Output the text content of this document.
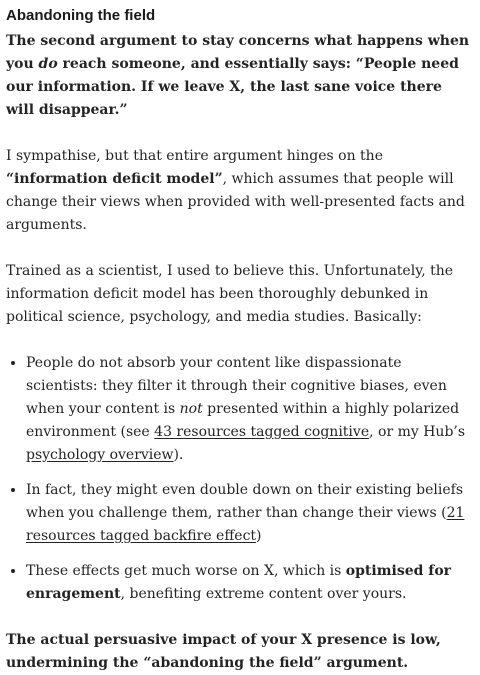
Abandoning the field

The second argument to stay concerns what happens when you do reach someone, and essentially says: “People need our information. If we leave X, the last sane voice there will disappear.”

I sympathise, but that entire argument hinges on the “information deficit model”, which assumes that people will change their views when provided with well-presented facts and arguments.

Trained as a scientist, I used to believe this. Unfortunately, the information deficit model has been thoroughly debunked in political science, psychology, and media studies. Basically:

• People do not absorb your content like dispassionate scientists: they filter it through their cognitive biases, even when your content is not presented within a highly polarized environment (see 43 resources tagged cognitive, or my Hub’s psychology overview).
• In fact, they might even double down on their existing beliefs when you challenge them, rather than change their views (21 resources tagged backfire effect)
• These effects get much worse on X, which is optimised for enragement, benefiting extreme content over yours.

The actual persuasive impact of your X presence is low, undermining the “abandoning the field” argument.
